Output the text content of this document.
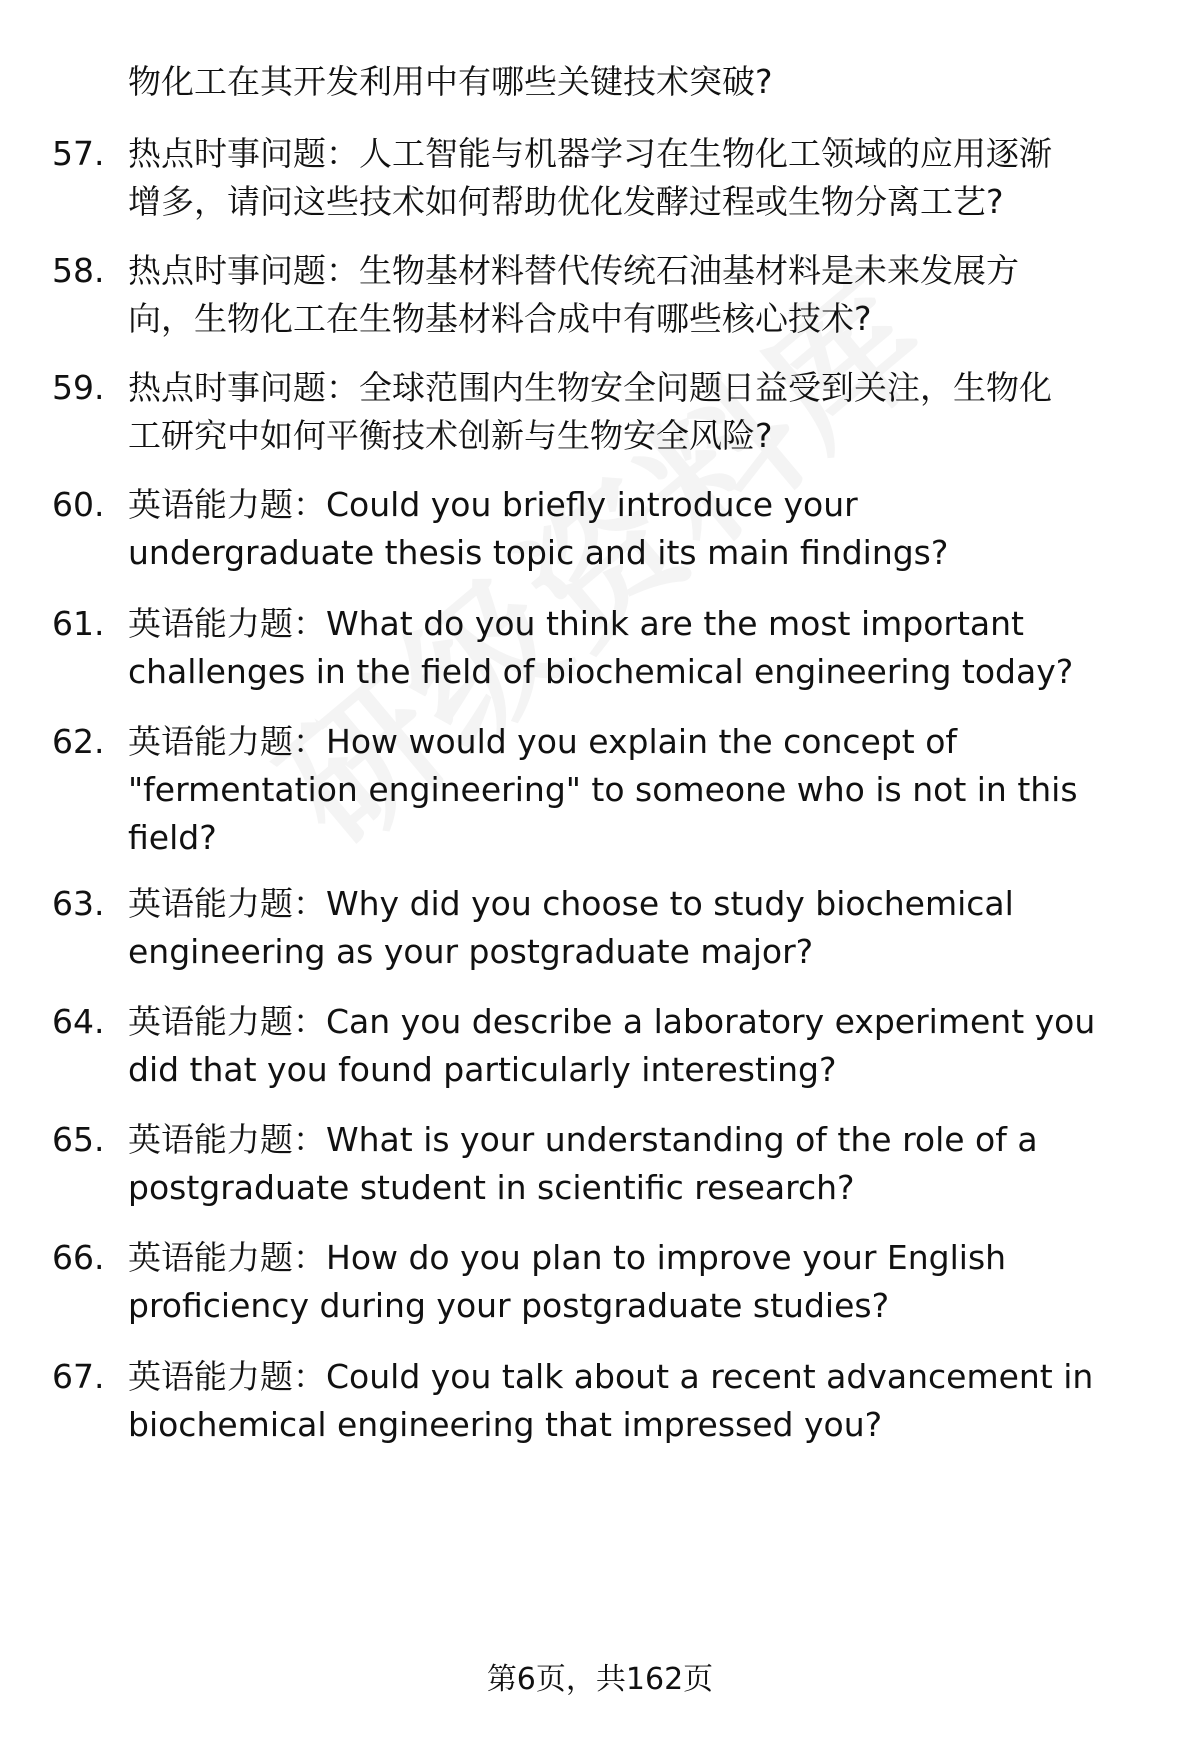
物化工在其开发利用中有哪些关键技术突破?
57. 热点时事问题：人工智能与机器学习在生物化工领域的应用逐渐
增多，请问这些技术如何帮助优化发酵过程或生物分离工艺?
58. 热点时事问题：生物基材料替代传统石油基材料是未来发展方
向，生物化工在生物基材料合成中有哪些核心技术?
59. 热点时事问题：全球范围内生物安全问题日益受到关注，生物化
工研究中如何平衡技术创新与生物安全风险?
60. 英语能力题：Could you briefly introduce your
undergraduate thesis topic and its main findings?
61. 英语能力题：What do you think are the most important
challenges in the field of biochemical engineering today?
62. 英语能力题：How would you explain the concept of
"fermentation engineering" to someone who is not in this
field?
63. 英语能力题：Why did you choose to study biochemical
engineering as your postgraduate major?
64. 英语能力题：Can you describe a laboratory experiment you
did that you found particularly interesting?
65. 英语能力题：What is your understanding of the role of a
postgraduate student in scientific research?
66. 英语能力题：How do you plan to improve your English
proficiency during your postgraduate studies?
67. 英语能力题：Could you talk about a recent advancement in
biochemical engineering that impressed you?
第6页，共162页
